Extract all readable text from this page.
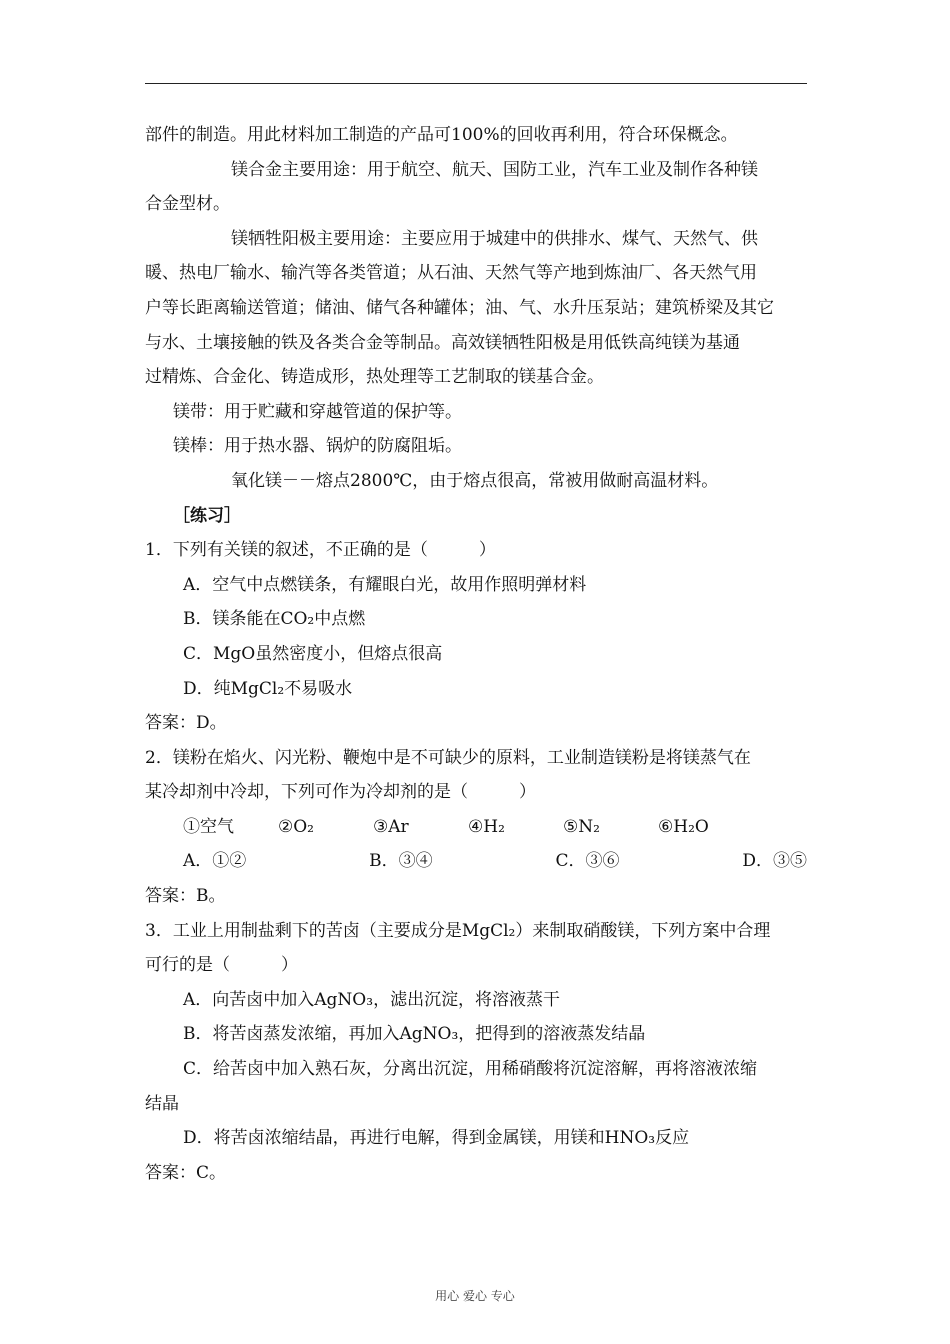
部件的制造。用此材料加工制造的产品可100%的回收再利用，符合环保概念。
镁合金主要用途：用于航空、航天、国防工业，汽车工业及制作各种镁
合金型材。
镁牺牲阳极主要用途：主要应用于城建中的供排水、煤气、天然气、供
暖、热电厂输水、输汽等各类管道；从石油、天然气等产地到炼油厂、各天然气用
户等长距离输送管道；储油、储气各种罐体；油、气、水升压泵站；建筑桥梁及其它
与水、土壤接触的铁及各类合金等制品。高效镁牺牲阳极是用低铁高纯镁为基通
过精炼、合金化、铸造成形，热处理等工艺制取的镁基合金。
镁带：用于贮藏和穿越管道的保护等。
镁棒：用于热水器、锅炉的防腐阻垢。
氧化镁－－熔点2800℃，由于熔点很高，常被用做耐高温材料。
［练习］
1．下列有关镁的叙述，不正确的是（　　　）
A．空气中点燃镁条，有耀眼白光，故用作照明弹材料
B．镁条能在CO₂中点燃
C．MgO虽然密度小，但熔点很高
D．纯MgCl₂不易吸水
答案：D。
2．镁粉在焰火、闪光粉、鞭炮中是不可缺少的原料，工业制造镁粉是将镁蒸气在
某冷却剂中冷却，下列可作为冷却剂的是（　　　）
①空气	②O₂	③Ar	④H₂	⑤N₂	⑥H₂O
A．①②	B．③④	C．③⑥	D．③⑤
答案：B。
3．工业上用制盐剩下的苦卤（主要成分是MgCl₂）来制取硝酸镁，下列方案中合理
可行的是（　　　）
A．向苦卤中加入AgNO₃，滤出沉淀，将溶液蒸干
B．将苦卤蒸发浓缩，再加入AgNO₃，把得到的溶液蒸发结晶
C．给苦卤中加入熟石灰，分离出沉淀，用稀硝酸将沉淀溶解，再将溶液浓缩
结晶
D．将苦卤浓缩结晶，再进行电解，得到金属镁，用镁和HNO₃反应
答案：C。
用心 爱心 专心
